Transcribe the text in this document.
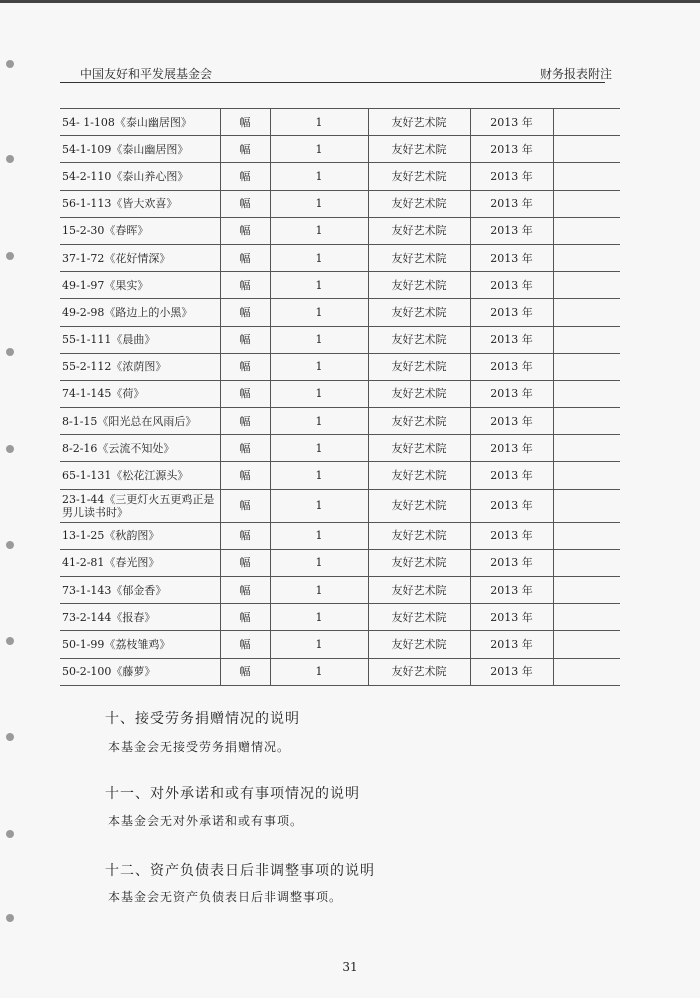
中国友好和平发展基金会	财务报表附注
54- 1-108《泰山幽居图》	幅	1	友好艺术院	2013 年	
54-1-109《泰山幽居图》	幅	1	友好艺术院	2013 年	
54-2-110《泰山养心图》	幅	1	友好艺术院	2013 年	
56-1-113《皆大欢喜》	幅	1	友好艺术院	2013 年	
15-2-30《春晖》	幅	1	友好艺术院	2013 年	
37-1-72《花好情深》	幅	1	友好艺术院	2013 年	
49-1-97《果实》	幅	1	友好艺术院	2013 年	
49-2-98《路边上的小黑》	幅	1	友好艺术院	2013 年	
55-1-111《晨曲》	幅	1	友好艺术院	2013 年	
55-2-112《浓荫图》	幅	1	友好艺术院	2013 年	
74-1-145《荷》	幅	1	友好艺术院	2013 年	
8-1-15《阳光总在风雨后》	幅	1	友好艺术院	2013 年	
8-2-16《云流不知处》	幅	1	友好艺术院	2013 年	
65-1-131《松花江源头》	幅	1	友好艺术院	2013 年	
23-1-44《三更灯火五更鸡正是男儿读书时》	幅	1	友好艺术院	2013 年	
13-1-25《秋韵图》	幅	1	友好艺术院	2013 年	
41-2-81《春光图》	幅	1	友好艺术院	2013 年	
73-1-143《郁金香》	幅	1	友好艺术院	2013 年	
73-2-144《报春》	幅	1	友好艺术院	2013 年	
50-1-99《荔枝雏鸡》	幅	1	友好艺术院	2013 年	
50-2-100《藤萝》	幅	1	友好艺术院	2013 年	
十、接受劳务捐赠情况的说明
本基金会无接受劳务捐赠情况。
十一、对外承诺和或有事项情况的说明
本基金会无对外承诺和或有事项。
十二、资产负债表日后非调整事项的说明
本基金会无资产负债表日后非调整事项。
31
